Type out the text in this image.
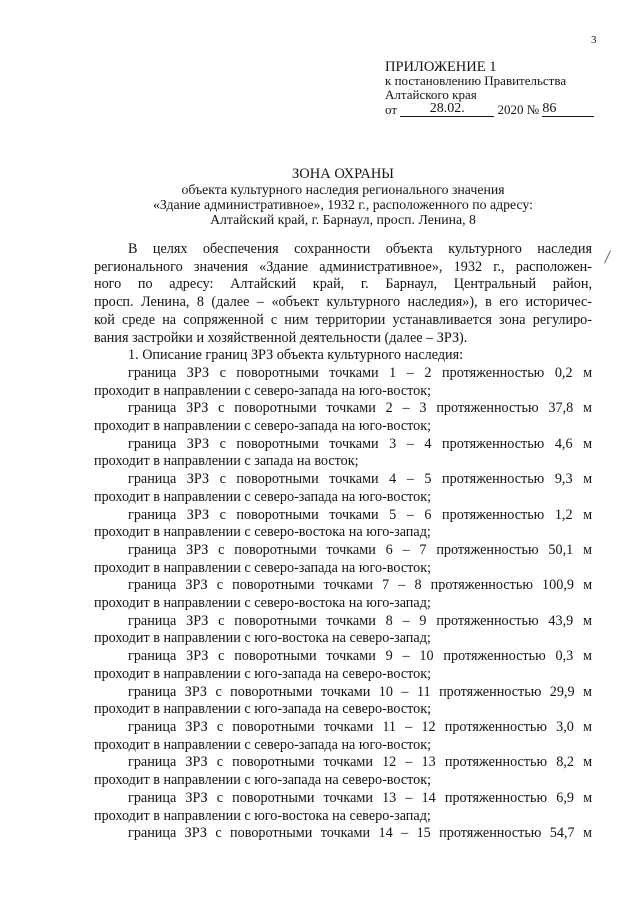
3
ПРИЛОЖЕНИЕ 1
к постановлению Правительства
Алтайского края
от 28.02.	2020 № 86
ЗОНА ОХРАНЫ
объекта культурного наследия регионального значения
«Здание административное», 1932 г., расположенного по адресу:
Алтайский край, г. Барнаул, просп. Ленина, 8

В целях обеспечения сохранности объекта культурного наследия

регионального значения «Здание административное», 1932 г., расположен-

ного по адресу: Алтайский край, г. Барнаул, Центральный район,

просп. Ленина, 8 (далее – «объект культурного наследия»), в его историчес-

кой среде на сопряженной с ним территории устанавливается зона регулиро-

вания застройки и хозяйственной деятельности (далее – ЗРЗ).

1. Описание границ ЗРЗ объекта культурного наследия:

граница ЗРЗ с поворотными точками 1 – 2 протяженностью 0,2 м

проходит в направлении с северо-запада на юго-восток;

граница ЗРЗ с поворотными точками 2 – 3 протяженностью 37,8 м

проходит в направлении с северо-запада на юго-восток;

граница ЗРЗ с поворотными точками 3 – 4 протяженностью 4,6 м

проходит в направлении с запада на восток;

граница ЗРЗ с поворотными точками 4 – 5 протяженностью 9,3 м

проходит в направлении с северо-запада на юго-восток;

граница ЗРЗ с поворотными точками 5 – 6 протяженностью 1,2 м

проходит в направлении с северо-востока на юго-запад;

граница ЗРЗ с поворотными точками 6 – 7 протяженностью 50,1 м

проходит в направлении с северо-запада на юго-восток;

граница ЗРЗ с поворотными точками 7 – 8 протяженностью 100,9 м

проходит в направлении с северо-востока на юго-запад;

граница ЗРЗ с поворотными точками 8 – 9 протяженностью 43,9 м

проходит в направлении с юго-востока на северо-запад;

граница ЗРЗ с поворотными точками 9 – 10 протяженностью 0,3 м

проходит в направлении с юго-запада на северо-восток;

граница ЗРЗ с поворотными точками 10 – 11 протяженностью 29,9 м

проходит в направлении с юго-запада на северо-восток;

граница ЗРЗ с поворотными точками 11 – 12 протяженностью 3,0 м

проходит в направлении с северо-запада на юго-восток;

граница ЗРЗ с поворотными точками 12 – 13 протяженностью 8,2 м

проходит в направлении с юго-запада на северо-восток;

граница ЗРЗ с поворотными точками 13 – 14 протяженностью 6,9 м

проходит в направлении с юго-востока на северо-запад;

граница ЗРЗ с поворотными точками 14 – 15 протяженностью 54,7 м
